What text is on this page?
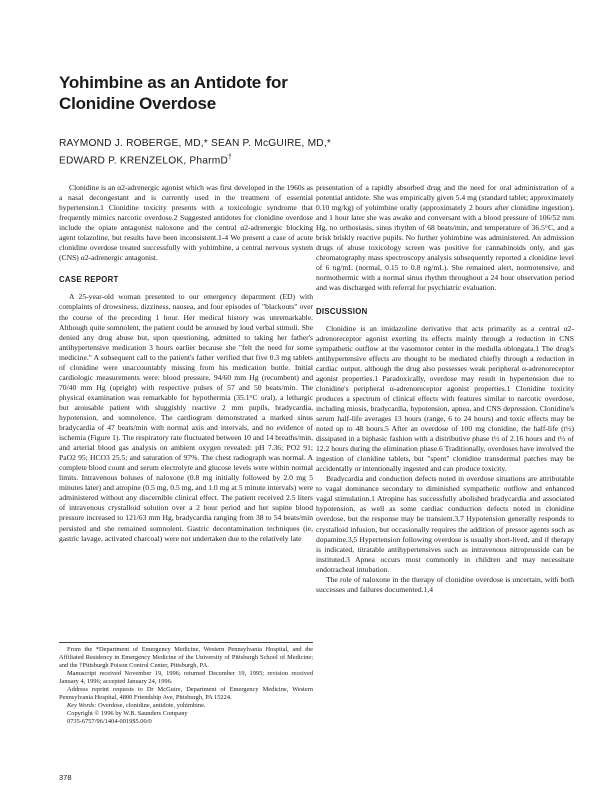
Yohimbine as an Antidote for
Clonidine Overdose
RAYMOND J. ROBERGE, MD,* SEAN P. McGUIRE, MD,*
EDWARD P. KRENZELOK, PharmD†

Clonidine is an α2-adrenergic agonist which was first developed in the 1960s as a nasal decongestant and is currently used in the treatment of essential hypertension.1 Clonidine toxicity presents with a toxicologic syndrome that frequently mimics narcotic overdose.2 Suggested antidotes for clonidine overdose include the opiate antagonist naloxone and the central α2-adrenergic blocking agent tolazoline, but results have been inconsistent.1-4 We present a case of acute clonidine overdose treated successfully with yohimbine, a central nervous system (CNS) α2-adrenergic antagonist.

CASE REPORT

A 25-year-old woman presented to our emergency department (ED) with complaints of drowsiness, dizziness, nausea, and four episodes of "blackouts" over the course of the preceding 1 hour. Her medical history was unremarkable. Although quite somnolent, the patient could be aroused by loud verbal stimuli. She denied any drug abuse but, upon questioning, admitted to taking her father's antihypertensive medication 3 hours earlier because she "felt the need for some medicine." A subsequent call to the patient's father verified that five 0.3 mg tablets of clonidine were unaccountably missing from his medication bottle. Initial cardiologic measurements were: blood pressure, 94/60 mm Hg (recumbent) and 70/40 mm Hg (upright) with respective pulses of 57 and 50 beats/min. The physical examination was remarkable for hypothermia (35.1°C oral), a lethargic but arousable patient with sluggishly reactive 2 mm pupils, bradycardia, hypotension, and somnolence. The cardiogram demonstrated a marked sinus bradycardia of 47 beats/min with normal axis and intervals, and no evidence of ischemia (Figure 1). The respiratory rate fluctuated between 10 and 14 breaths/min, and arterial blood gas analysis on ambient oxygen revealed: pH 7.36; PO2 91; PaO2 95; HCO3 25.5; and saturation of 97%. The chest radiograph was normal. A complete blood count and serum electrolyte and glucose levels were within normal limits. Intravenous boluses of naloxone (0.8 mg initially followed by 2.0 mg 5 minutes later) and atropine (0.5 mg, 0.5 mg, and 1.0 mg at 5 minute intervals) were administered without any discernible clinical effect. The patient received 2.5 liters of intravenous crystalloid solution over a 2 hour period and her supine blood pressure increased to 121/63 mm Hg, bradycardia ranging from 38 to 54 beats/min persisted and she remained somnolent. Gastric decontamination techniques (ie, gastric lavage, activated charcoal) were not undertaken due to the relatively late

From the *Department of Emergency Medicine, Western Pennsylvania Hospital, and the Affiliated Residency in Emergency Medicine of the University of Pittsburgh School of Medicine; and the †Pittsburgh Poison Control Center, Pittsburgh, PA.

Manuscript received November 19, 1996; returned December 19, 1995; revision received January 4, 1996; accepted January 24, 1996.

Address reprint requests to Dr McGuire, Department of Emergency Medicine, Western Pennsylvania Hospital, 4800 Friendship Ave, Pittsburgh, PA 15224.

Key Words: Overdose, clonidine, antidote, yohimbine.

Copyright © 1996 by W.B. Saunders Company

0735-6757/96/1404-0019$5.00/0

presentation of a rapidly absorbed drug and the need for oral administration of a potential antidote. She was empirically given 5.4 mg (standard tablet; approximately 0.10 mg/kg) of yohimbine orally (approximately 2 hours after clonidine ingestion), and 1 hour later she was awake and conversant with a blood pressure of 106/52 mm Hg, no orthostasis, sinus rhythm of 68 beats/min, and temperature of 36.5°C, and a brisk briskly reactive pupils. No further yohimbine was administered. An admission drugs of abuse toxicology screen was positive for cannabinoids only, and gas chromatography mass spectroscopy analysis subsequently reported a clonidine level of 6 ng/mL (normal, 0.15 to 0.8 ng/mL). She remained alert, normotensive, and normothermic with a normal sinus rhythm throughout a 24 hour observation period and was discharged with referral for psychiatric evaluation.

DISCUSSION

Clonidine is an imidazoline derivative that acts primarily as a central α2-adrenoreceptor agonist exerting its effects mainly through a reduction in CNS sympathetic outflow at the vasomotor center in the medulla oblongata.1 The drug's antihypertensive effects are thought to be mediated chiefly through a reduction in cardiac output, although the drug also possesses weak peripheral α-adrenoreceptor agonist properties.1 Paradoxically, overdose may result in hypertension due to clonidine's peripheral α-adrenoreceptor agonist properties.1 Clonidine toxicity produces a spectrum of clinical effects with features similar to narcotic overdose, including miosis, bradycardia, hypotension, apnea, and CNS depression. Clonidine's serum half-life averages 13 hours (range, 6 to 24 hours) and toxic effects may be noted up to 48 hours.5 After an overdose of 100 mg clonidine, the half-life (t½) dissipated in a biphasic fashion with a distributive phase t½ of 2.16 hours and t½ of 12.2 hours during the elimination phase.6 Traditionally, overdoses have involved the ingestion of clonidine tablets, but "spent" clonidine transdermal patches may be accidentally or intentionally ingested and can produce toxicity.

Bradycardia and conduction defects noted in overdose situations are attributable to vagal dominance secondary to diminished sympathetic outflow and enhanced vagal stimulation.1 Atropine has successfully abolished bradycardia and associated hypotension, as well as some cardiac conduction defects noted in clonidine overdose, but the response may be transient.3,7 Hypotension generally responds to crystalloid infusion, but occasionally requires the addition of pressor agents such as dopamine.3,5 Hypertension following overdose is usually short-lived, and if therapy is indicated, titratable antihypertensives such as intravenous nitroprusside can be instituted.3 Apnea occurs most commonly in children and may necessitate endotracheal intubation.

The role of naloxone in the therapy of clonidine overdose is uncertain, with both successes and failures documented.1,4

378
